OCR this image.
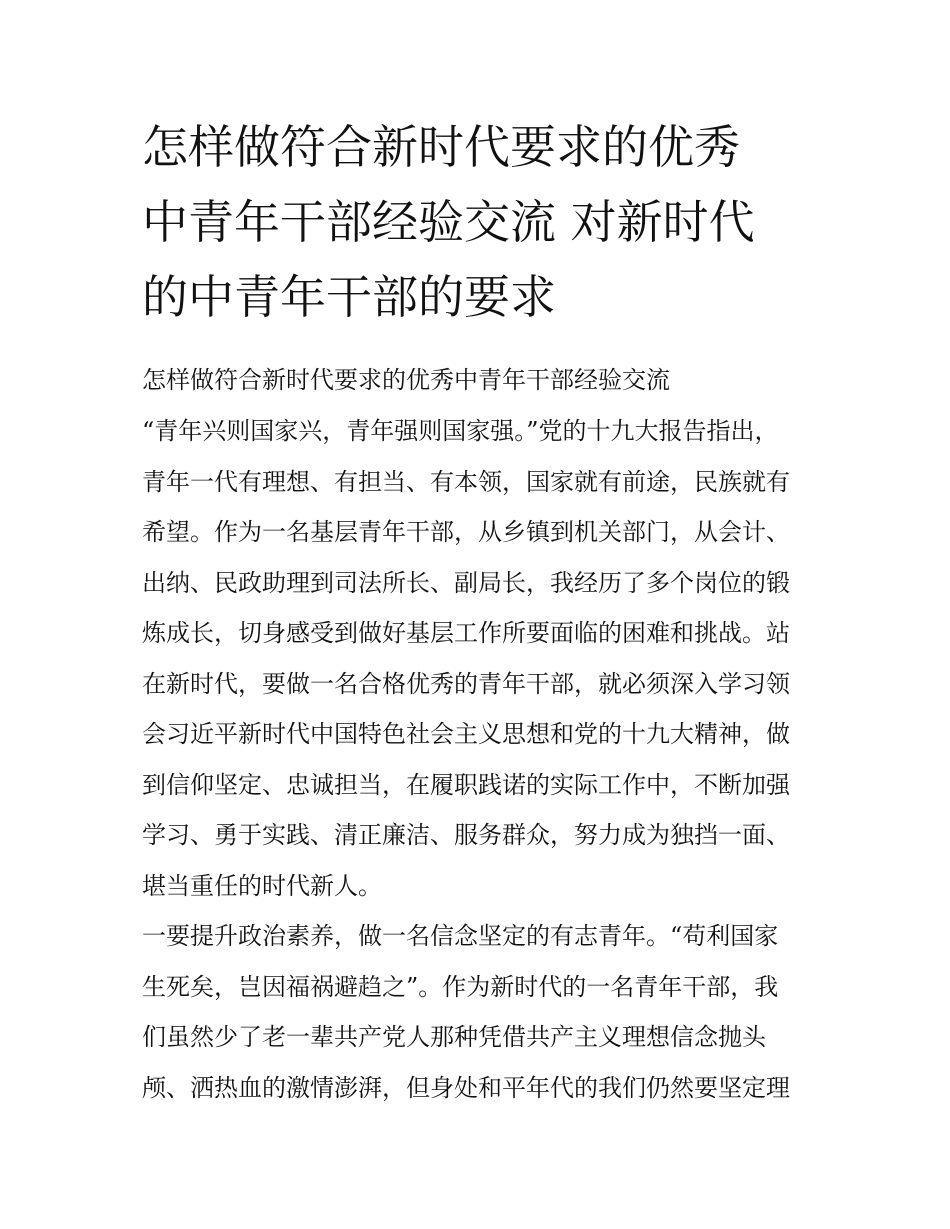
怎样做符合新时代要求的优秀
中青年干部经验交流 对新时代
的中青年干部的要求

怎样做符合新时代要求的优秀中青年干部经验交流

“青年兴则国家兴，青年强则国家强。”党的十九大报告指出，
青年一代有理想、有担当、有本领，国家就有前途，民族就有
希望。作为一名基层青年干部，从乡镇到机关部门，从会计、
出纳、民政助理到司法所长、副局长，我经历了多个岗位的锻
炼成长，切身感受到做好基层工作所要面临的困难和挑战。站
在新时代，要做一名合格优秀的青年干部，就必须深入学习领
会习近平新时代中国特色社会主义思想和党的十九大精神，做
到信仰坚定、忠诚担当，在履职践诺的实际工作中，不断加强
学习、勇于实践、清正廉洁、服务群众，努力成为独挡一面、
堪当重任的时代新人。
一要提升政治素养，做一名信念坚定的有志青年。“苟利国家
生死矣，岂因福祸避趋之”。作为新时代的一名青年干部，我
们虽然少了老一辈共产党人那种凭借共产主义理想信念抛头
颅、洒热血的激情澎湃，但身处和平年代的我们仍然要坚定理
